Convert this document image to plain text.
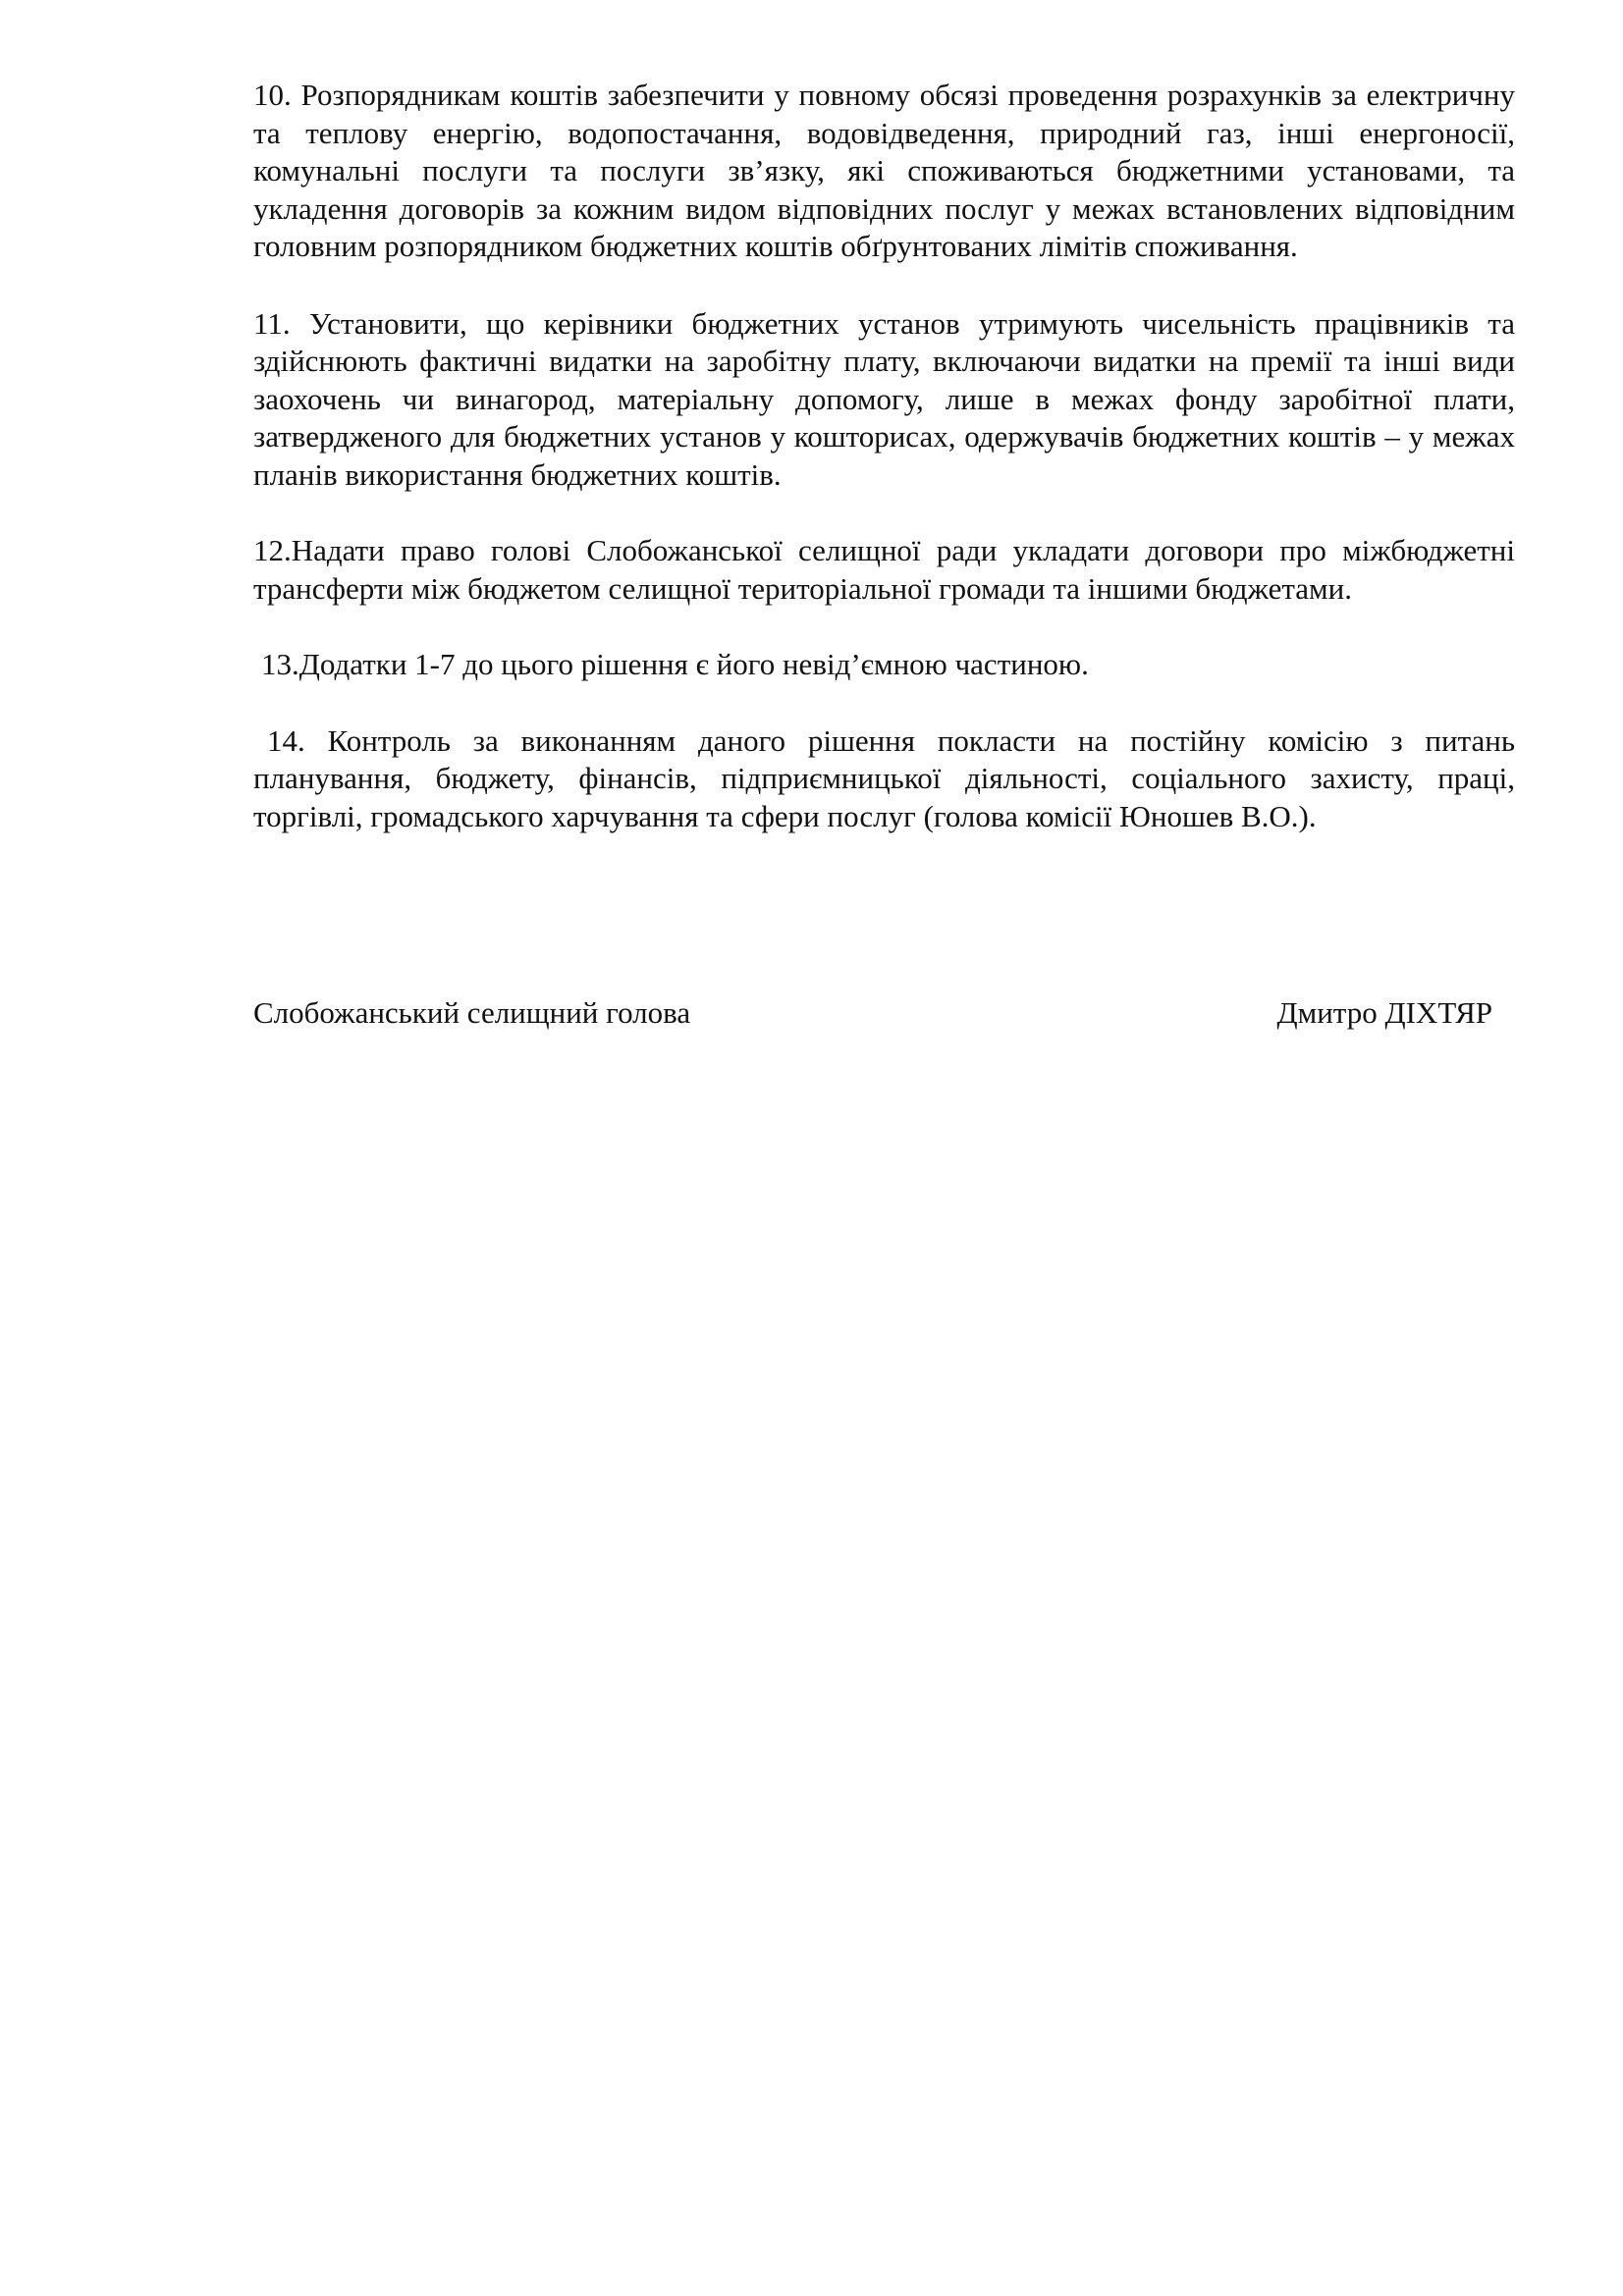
10. Розпорядникам коштів забезпечити у повному обсязі проведення розрахунків за електричну та теплову енергію, водопостачання, водовідведення, природний газ, інші енергоносії, комунальні послуги та послуги зв’язку, які споживаються бюджетними установами, та укладення договорів за кожним видом відповідних послуг у межах встановлених відповідним головним розпорядником бюджетних коштів обґрунтованих лімітів споживання.

11. Установити, що керівники бюджетних установ утримують чисельність працівників та здійснюють фактичні видатки на заробітну плату, включаючи видатки на премії та інші види заохочень чи винагород, матеріальну допомогу, лише в межах фонду заробітної плати, затвердженого для бюджетних установ у кошторисах, одержувачів бюджетних коштів – у межах планів використання бюджетних коштів.

12.Надати право голові Слобожанської селищної ради укладати договори про міжбюджетні трансферти між бюджетом селищної територіальної громади та іншими бюджетами.

13.Додатки 1-7 до цього рішення є його невід’ємною частиною.

14. Контроль за виконанням даного рішення покласти на постійну комісію з питань планування, бюджету, фінансів, підприємницької діяльності, соціального захисту, праці, торгівлі, громадського харчування та сфери послуг (голова комісії Юношев В.О.).

Слобожанський селищний голова	Дмитро ДІХТЯР
